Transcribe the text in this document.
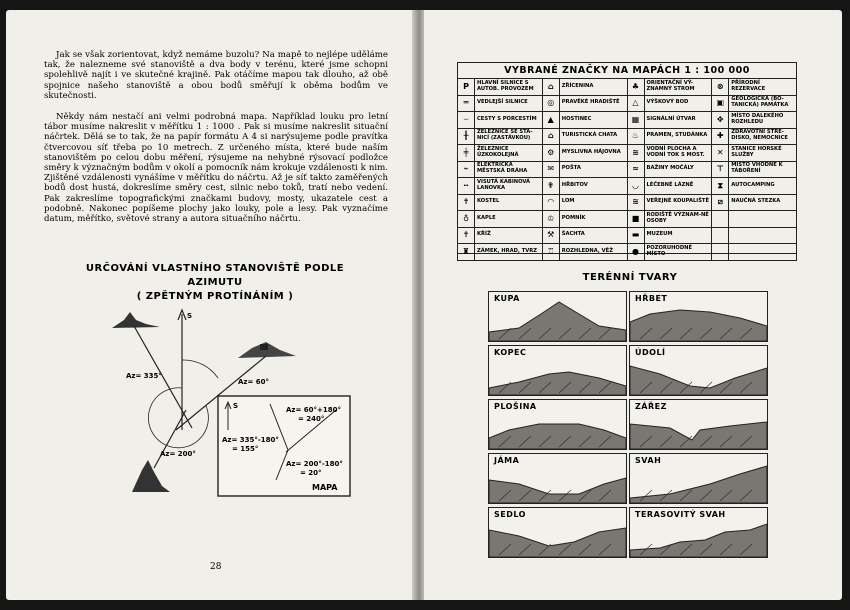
Jak se však zorientovat, když nemáme buzolu? Na mapě to nejlépe uděláme tak, že nalezneme své stanoviště a dva body v terénu, které jsme schopni spolehlivě najít i ve skutečné krajině. Pak otáčíme mapou tak dlouho, až obě spojnice našeho stanoviště a obou bodů směřují k oběma bodům ve skutečnosti.

Někdy nám nestačí ani velmi podrobná mapa. Například louku pro letní tábor musíme nakreslit v měřítku 1 : 1000 . Pak si musíme nakreslit situační náčrtek. Dělá se to tak, že na papír formátu A 4 si narýsujeme podle pravítka čtvercovou síť třeba po 10 metrech. Z určeného místa, které bude naším stanovištěm po celou dobu měření, rýsujeme na nehybné rýsovací podložce směry k význačným bodům v okolí a pomocník nám krokuje vzdálenosti k nim. Zjištěné vzdálenosti vynášíme v měřítku do náčrtu. Až je síť takto zaměřených bodů dost hustá, dokreslíme směry cest, silnic nebo toků, tratí nebo vedení. Pak zakreslíme topografickými značkami budovy, mosty, ukazatele cest a podobně. Nakonec popíšeme plochy jako louky, pole a lesy. Pak vyznačíme datum, měřítko, světové strany a autora situačního náčrtu.

URČOVÁNÍ VLASTNÍHO STANOVIŠTĚ PODLE AZIMUTU
( ZPĚTNÝM PROTÍNÁNÍM )
S
Az= 335°
Az= 60°
Az= 200°
S	Az= 60°+180°
= 240°
Az= 335°-180°
= 155°
Az= 200°-180°
= 20°
MAPA
28
VYBRANÉ ZNAČKY NA MAPÁCH 1 : 100 000
P	HLAVNÍ SILNICE S AUTOB. PROVOZEM	⌂	ZŘÍCENINA	♣	ORIENTAČNÍ VÝ-ZNAMNÝ STROM	⊗	PŘÍRODNÍ REZERVACE
═	VEDLEJŠÍ SILNICE	◎	PRAVĚKÉ HRADIŠTĚ	△	VÝŠKOVÝ BOD	▣	GEOLOGICKÁ (BO-TANICKÁ) PAMÁTKA
┈	CESTY S PORCESTÍM	▲	HOSTINEC	▦	SIGNÁLNÍ ÚTVAR	✥	MÍSTO DALEKÉHO ROZHLEDU
╫	ŽELEZNICE SE STA-NICÍ (ZASTÁVKOU)	⌂	TURISTICKÁ CHATA	♨	PRAMEN, STUDÁNKA	✚	ZDRAVOTNÍ STŘE-DISKO, NEMOCNICE
╪	ŽELEZNICE ÚZKOKOLEJNÁ	⚙	MYSLIVNA HÁJOVNA	≋	VODNÍ PLOCHA A VODNÍ TOK S MOST.	✕	STANICE HORSKÉ SLUŽBY
⌁	ELEKTRICKÁ MĚSTSKÁ DRÁHA	✉	POŠTA	≈	BAŽINY MOČÁLY	⊤	MÍSTO VHODNÉ K TÁBOŘENÍ
┅	VISUTÁ KABINOVÁ LANOVKA	✟	HŘBITOV	◡	LÉČEBNÉ LÁZNĚ	⧗	AUTOCAMPING
✝	KOSTEL	◠	LOM	≋	VEŘEJNÉ KOUPALIŠTĚ	⧄	NAUČNÁ STEZKA
♁	KAPLE	♔	POMNÍK	■	RODIŠTĚ VÝZNAM-NÉ OSOBY		
✝	KŘÍŽ	⚒	ŠACHTA	▬	MUZEUM		
♜	ZÁMEK, HRAD, TVRZ	♖	ROZHLEDNA, VĚŽ	●	POZORUHODNÉ MÍSTO		
TERÉNNÍ TVARY
KUPA	HŘBET
KOPEC	ÚDOLÍ
PLOŠINA	ZÁŘEZ
JÁMA	SVAH
SEDLO	TERASOVITÝ SVAH
